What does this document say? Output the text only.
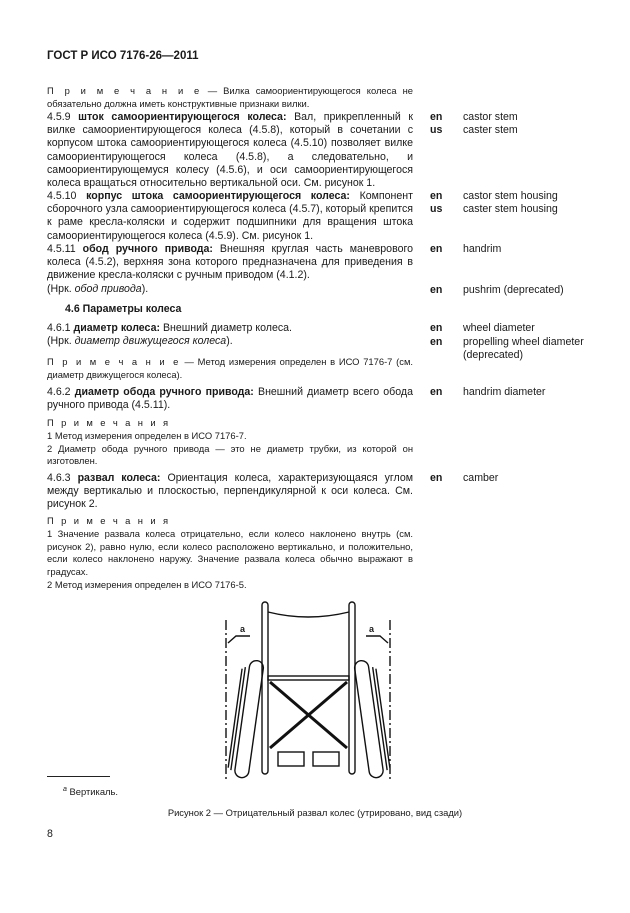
ГОСТ Р ИСО 7176-26—2011
П р и м е ч а н и е — Вилка самоориентирующегося колеса не обязательно должна иметь конструктивные признаки вилки.
4.5.9 шток самоориентирующегося колеса: Вал, прикрепленный к вилке самоориентирующегося колеса (4.5.8), который в сочетании с корпусом штока самоориентирующегося колеса (4.5.10) позволяет вилке самоориентирующегося колеса (4.5.8), а следовательно, и самоориентирующемуся колесу (4.5.6), и оси самоориентирующегося колеса вращаться относительно вертикальной оси. См. рисунок 1.
4.5.10 корпус штока самоориентирующегося колеса: Компонент сборочного узла самоориентирующегося колеса (4.5.7), который крепится к раме кресла-коляски и содержит подшипники для вращения штока самоориентирующегося колеса (4.5.9). См. рисунок 1.
4.5.11 обод ручного привода: Внешняя круглая часть маневрового колеса (4.5.2), верхняя зона которого предназначена для приведения в движение кресла-коляски с ручным приводом (4.1.2).
(Нрк. обод привода).
4.6 Параметры колеса
4.6.1 диаметр колеса: Внешний диаметр колеса.
(Нрк. диаметр движущегося колеса).
П р и м е ч а н и е — Метод измерения определен в ИСО 7176-7 (см. диаметр движущегося колеса).
4.6.2 диаметр обода ручного привода: Внешний диаметр всего обода ручного привода (4.5.11).
П р и м е ч а н и я
1 Метод измерения определен в ИСО 7176-7.
2 Диаметр обода ручного привода — это не диаметр трубки, из которой он изготовлен.
4.6.3 развал колеса: Ориентация колеса, характеризующаяся углом между вертикалью и плоскостью, перпендикулярной к оси колеса. См. рисунок 2.
П р и м е ч а н и я
1 Значение развала колеса отрицательно, если колесо наклонено внутрь (см. рисунок 2), равно нулю, если колесо расположено вертикально, и положительно, если колесо наклонено наружу. Значение развала колеса обычно выражают в градусах.
2 Метод измерения определен в ИСО 7176-5.
en castor stem
us caster stem
en castor stem housing
us caster stem housing
en handrim
en pushrim (deprecated)
en wheel diameter
en propelling wheel diameter (deprecated)
en handrim diameter
en camber
a	a
$^a$ Вертикаль.
Рисунок 2 — Отрицательный развал колес (утрировано, вид сзади)
8
